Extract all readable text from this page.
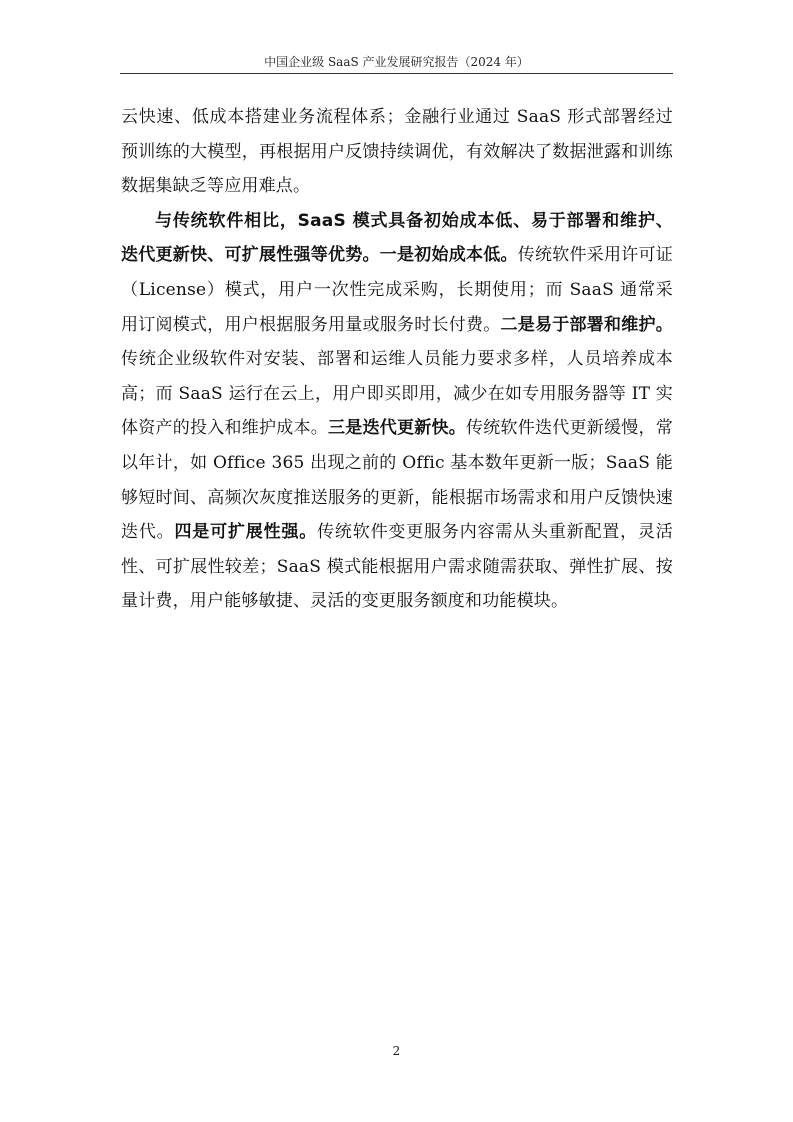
中国企业级 SaaS 产业发展研究报告（2024 年）

云快速、低成本搭建业务流程体系；金融行业通过 SaaS 形式部署经过预训练的大模型，再根据用户反馈持续调优，有效解决了数据泄露和训练数据集缺乏等应用难点。

与传统软件相比，SaaS 模式具备初始成本低、易于部署和维护、迭代更新快、可扩展性强等优势。一是初始成本低。传统软件采用许可证（License）模式，用户一次性完成采购，长期使用；而 SaaS 通常采用订阅模式，用户根据服务用量或服务时长付费。二是易于部署和维护。传统企业级软件对安装、部署和运维人员能力要求多样，人员培养成本高；而 SaaS 运行在云上，用户即买即用，减少在如专用服务器等 IT 实体资产的投入和维护成本。三是迭代更新快。传统软件迭代更新缓慢，常以年计，如 Office 365 出现之前的 Offic 基本数年更新一版；SaaS 能够短时间、高频次灰度推送服务的更新，能根据市场需求和用户反馈快速迭代。四是可扩展性强。传统软件变更服务内容需从头重新配置，灵活性、可扩展性较差；SaaS 模式能根据用户需求随需获取、弹性扩展、按量计费，用户能够敏捷、灵活的变更服务额度和功能模块。

2
